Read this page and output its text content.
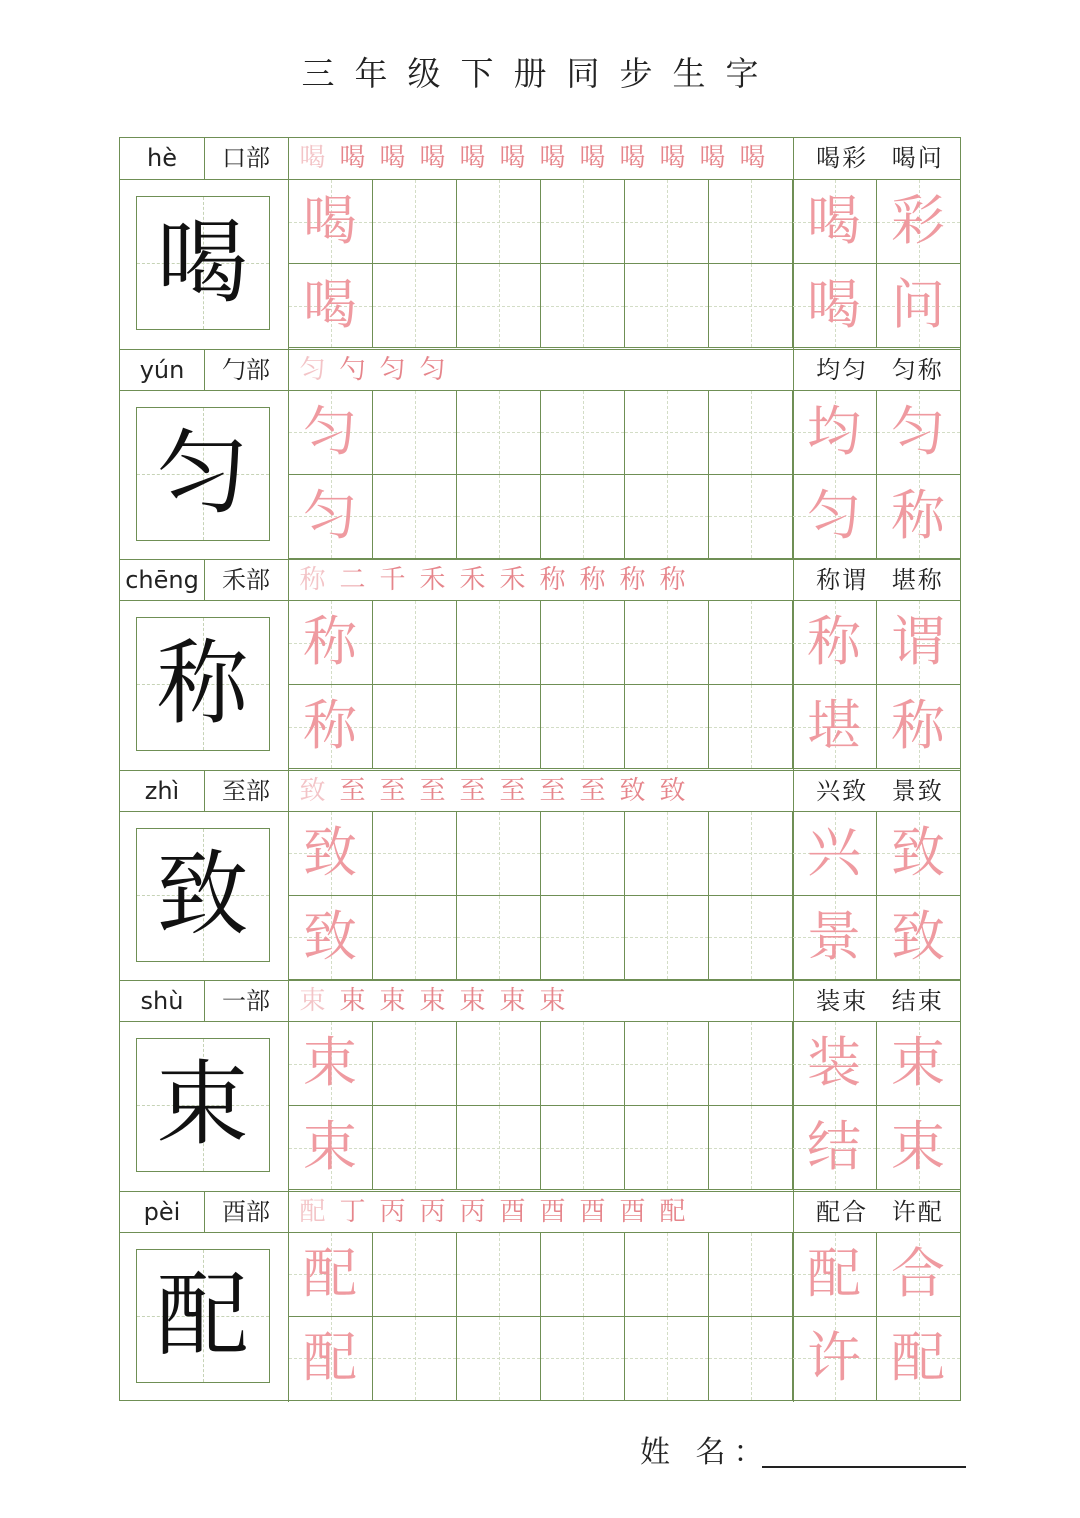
三年级下册同步生字
hè	口部	喝 喝 喝 喝 喝 喝 喝 喝 喝 喝 喝 喝	喝彩 喝问
喝	喝	喝 彩
喝	喝 问
yún	勹部	匀 勺 匀 匀	均匀 匀称
匀	匀	均 匀
匀	匀 称
chēng 禾部	称 二 千 禾 禾 禾 称 称 称 称	称谓 堪称
称	称	称 谓
称	堪 称
zhì	至部	致 至 至 至 至 至 至 至 致 致	兴致 景致
致	致	兴 致
致	景 致
shù	一部	束 束 束 束 束 束 束	装束 结束
束	束	装 束
束	结 束
pèi	酉部	配 丁 丙 丙 丙 酉 酉 酉 酉 配	配合 许配
配	配	配 合
配	许 配
姓 名：
